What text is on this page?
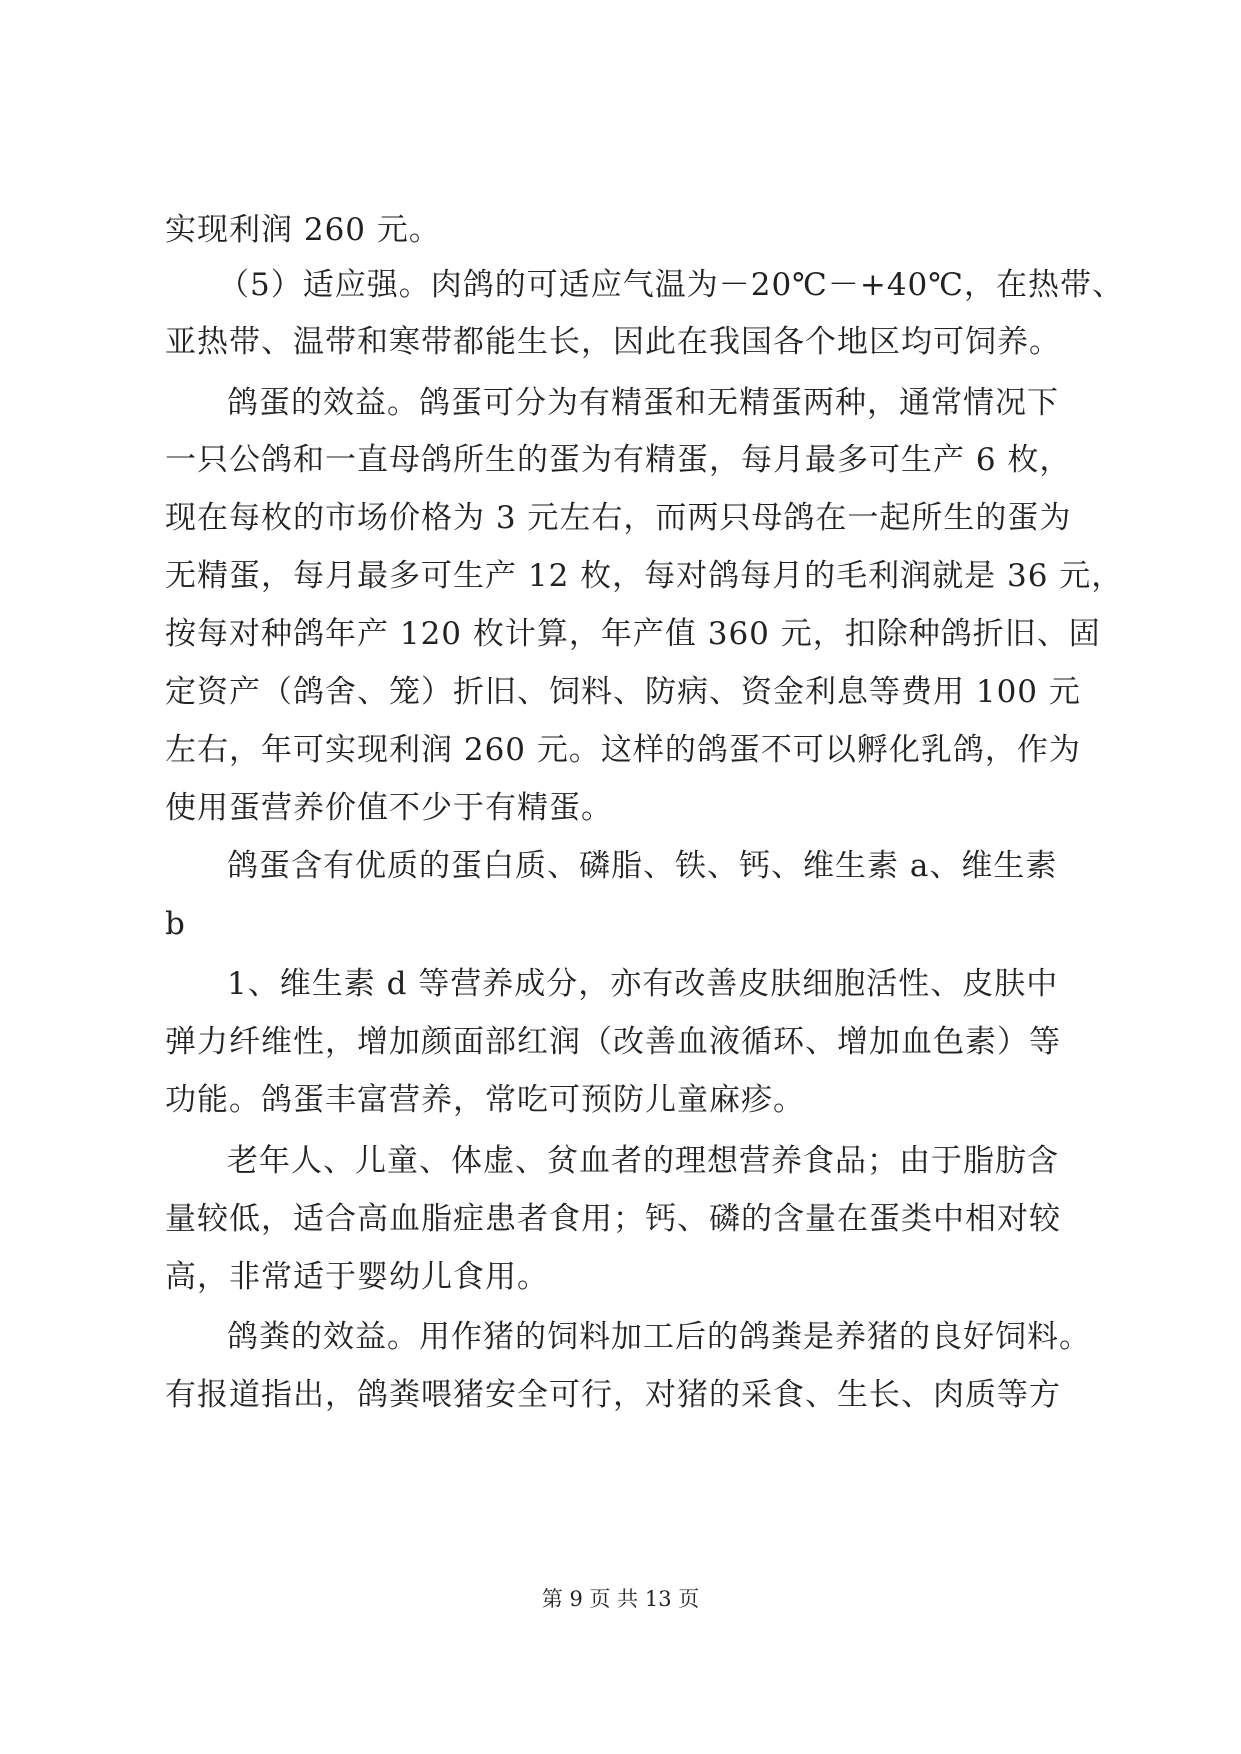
实现利润 260 元。
（5）适应强。肉鸽的可适应气温为－20℃－+40℃，在热带、
亚热带、温带和寒带都能生长，因此在我国各个地区均可饲养。
鸽蛋的效益。鸽蛋可分为有精蛋和无精蛋两种，通常情况下
一只公鸽和一直母鸽所生的蛋为有精蛋，每月最多可生产 6 枚，
现在每枚的市场价格为 3 元左右，而两只母鸽在一起所生的蛋为
无精蛋，每月最多可生产 12 枚，每对鸽每月的毛利润就是 36 元，
按每对种鸽年产 120 枚计算，年产值 360 元，扣除种鸽折旧、固
定资产（鸽舍、笼）折旧、饲料、防病、资金利息等费用 100 元
左右，年可实现利润 260 元。这样的鸽蛋不可以孵化乳鸽，作为
使用蛋营养价值不少于有精蛋。
鸽蛋含有优质的蛋白质、磷脂、铁、钙、维生素 a、维生素
b
1、维生素 d 等营养成分，亦有改善皮肤细胞活性、皮肤中
弹力纤维性，增加颜面部红润（改善血液循环、增加血色素）等
功能。鸽蛋丰富营养，常吃可预防儿童麻疹。
老年人、儿童、体虚、贫血者的理想营养食品；由于脂肪含
量较低，适合高血脂症患者食用；钙、磷的含量在蛋类中相对较
高，非常适于婴幼儿食用。
鸽粪的效益。用作猪的饲料加工后的鸽粪是养猪的良好饲料。
有报道指出，鸽粪喂猪安全可行，对猪的采食、生长、肉质等方
第 9 页 共 13 页
